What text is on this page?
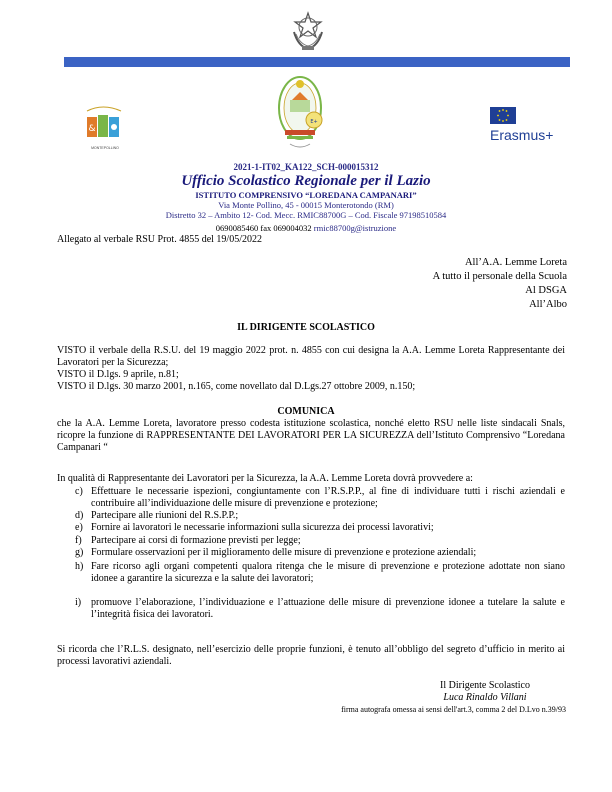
&
MONTEPOLLINO
E+
Erasmus+
2021-1-IT02_KA122_SCH-000015312
Ufficio Scolastico Regionale per il Lazio
ISTITUTO COMPRENSIVO “LOREDANA CAMPANARI”
Via Monte Pollino, 45 - 00015 Monterotondo (RM)
Distretto 32 – Ambito 12- Cod. Mecc. RMIC88700G – Cod. Fiscale 97198510584
0690085460 fax 069004032 rmic88700g@istruzione
Allegato al verbale RSU Prot. 4855 del 19/05/2022
All’A.A. Lemme Loreta
A tutto il personale della Scuola
Al DSGA
All’Albo
IL DIRIGENTE SCOLASTICO
VISTO il verbale della R.S.U. del 19 maggio 2022 prot. n. 4855 con cui designa la A.A. Lemme Loreta Rappresentante dei Lavoratori per la Sicurezza;
VISTO il D.lgs. 9 aprile, n.81;
VISTO il D.lgs. 30 marzo 2001, n.165, come novellato dal D.Lgs.27 ottobre 2009, n.150;
COMUNICA
che la A.A. Lemme Loreta, lavoratore presso codesta istituzione scolastica, nonché eletto RSU nelle liste sindacali Snals, ricopre la funzione di RAPPRESENTANTE DEI LAVORATORI PER LA SICUREZZA dell’Istituto Comprensivo “Loredana Campanari “
In qualità di Rappresentante dei Lavoratori per la Sicurezza, la A.A. Lemme Loreta dovrà provvedere a:
c) Effettuare le necessarie ispezioni, congiuntamente con l’R.S.P.P., al fine di individuare tutti i rischi aziendali e contribuire all’individuazione delle misure di prevenzione e protezione;
d) Partecipare alle riunioni del R.S.P.P.;
e) Fornire ai lavoratori le necessarie informazioni sulla sicurezza dei processi lavorativi;
f) Partecipare ai corsi di formazione previsti per legge;
g) Formulare osservazioni per il miglioramento delle misure di prevenzione e protezione aziendali;
h) Fare ricorso agli organi competenti qualora ritenga che le misure di prevenzione e protezione adottate non siano idonee a garantire la sicurezza e la salute dei lavoratori;
i) promuove l’elaborazione, l’individuazione e l’attuazione delle misure di prevenzione idonee a tutelare la salute e l’integrità fisica dei lavoratori.
Si ricorda che l’R.L.S. designato, nell’esercizio delle proprie funzioni, è tenuto all’obbligo del segreto d’ufficio in merito ai processi lavorativi aziendali.
Il Dirigente Scolastico
Luca Rinaldo Villani
firma autografa omessa ai sensi dell'art.3, comma 2 del D.Lvo n.39/93
